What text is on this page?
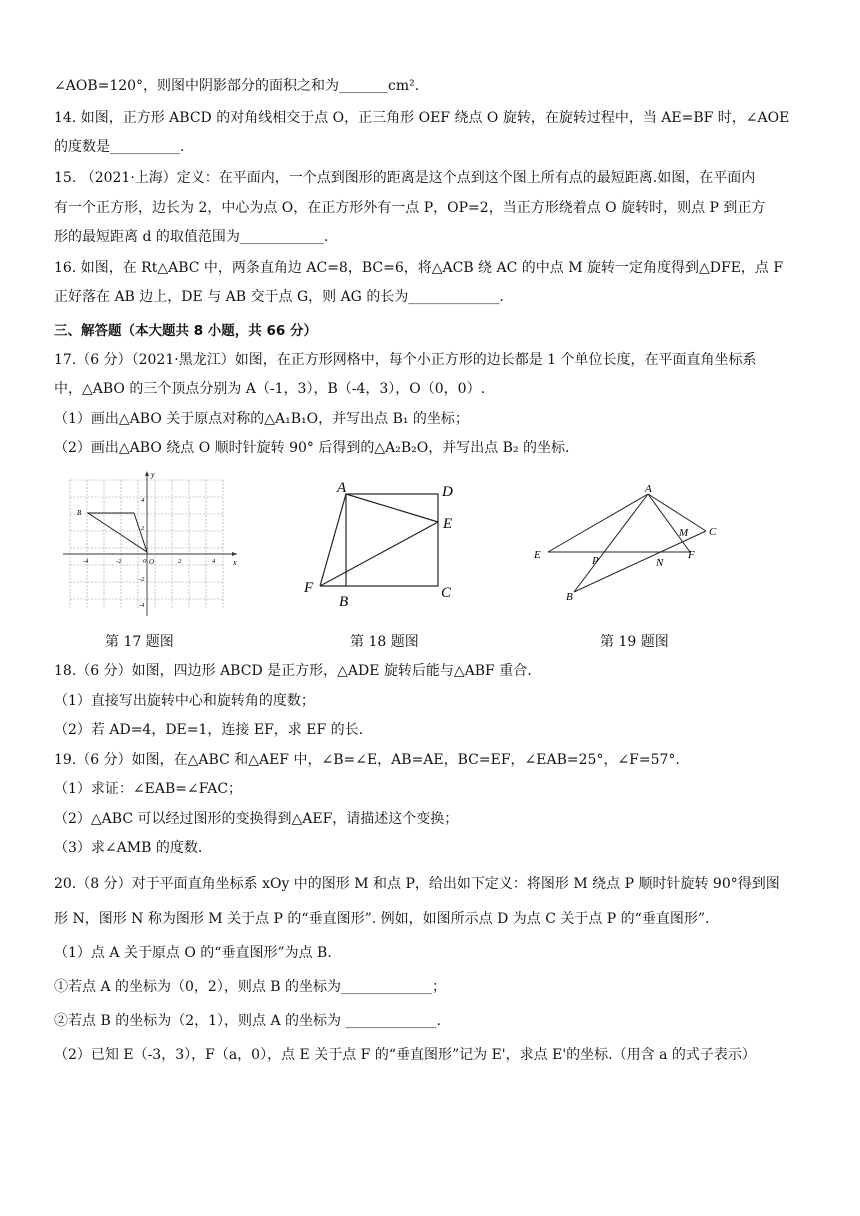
∠AOB=120°，则图中阴影部分的面积之和为_______cm².
14. 如图，正方形 ABCD 的对角线相交于点 O，正三角形 OEF 绕点 O 旋转，在旋转过程中，当 AE=BF 时，∠AOE
的度数是__________.
15. （2021·上海）定义：在平面内，一个点到图形的距离是这个点到这个图上所有点的最短距离.如图，在平面内
有一个正方形，边长为 2，中心为点 O，在正方形外有一点 P，OP=2，当正方形绕着点 O 旋转时，则点 P 到正方
形的最短距离 d 的取值范围为____________.
16. 如图，在 Rt△ABC 中，两条直角边 AC=8，BC=6，将△ACB 绕 AC 的中点 M 旋转一定角度得到△DFE，点 F
正好落在 AB 边上，DE 与 AB 交于点 G，则 AG 的长为_____________.
三、解答题（本大题共 8 小题，共 66 分）
17.（6 分）（2021·黑龙江）如图，在正方形网格中，每个小正方形的边长都是 1 个单位长度，在平面直角坐标系
中，△ABO 的三个顶点分别为 A（-1，3），B（-4，3），O（0，0）.
（1）画出△ABO 关于原点对称的△A₁B₁O，并写出点 B₁ 的坐标；
（2）画出△ABO 绕点 O 顺时针旋转 90° 后得到的△A₂B₂O，并写出点 B₂ 的坐标.
x
y
B
O
-4	-2	0	2	4
4
2
-2
-4
A	D
E
F
B
C
A
M C
E	P	N
F
B
第 17 题图	第 18 题图	第 19 题图
18.（6 分）如图，四边形 ABCD 是正方形，△ADE 旋转后能与△ABF 重合.
（1）直接写出旋转中心和旋转角的度数；
（2）若 AD=4，DE=1，连接 EF，求 EF 的长.
19.（6 分）如图，在△ABC 和△AEF 中，∠B=∠E，AB=AE，BC=EF，∠EAB=25°，∠F=57°.
（1）求证：∠EAB=∠FAC；
（2）△ABC 可以经过图形的变换得到△AEF，请描述这个变换；
（3）求∠AMB 的度数.
20.（8 分）对于平面直角坐标系 xOy 中的图形 M 和点 P，给出如下定义：将图形 M 绕点 P 顺时针旋转 90°得到图
形 N，图形 N 称为图形 M 关于点 P 的“垂直图形”. 例如，如图所示点 D 为点 C 关于点 P 的“垂直图形”.
（1）点 A 关于原点 O 的“垂直图形”为点 B.
①若点 A 的坐标为（0，2），则点 B 的坐标为_____________；
②若点 B 的坐标为（2，1），则点 A 的坐标为 _____________.
（2）已知 E（-3，3），F（a，0），点 E 关于点 F 的“垂直图形”记为 E'，求点 E'的坐标.（用含 a 的式子表示）
